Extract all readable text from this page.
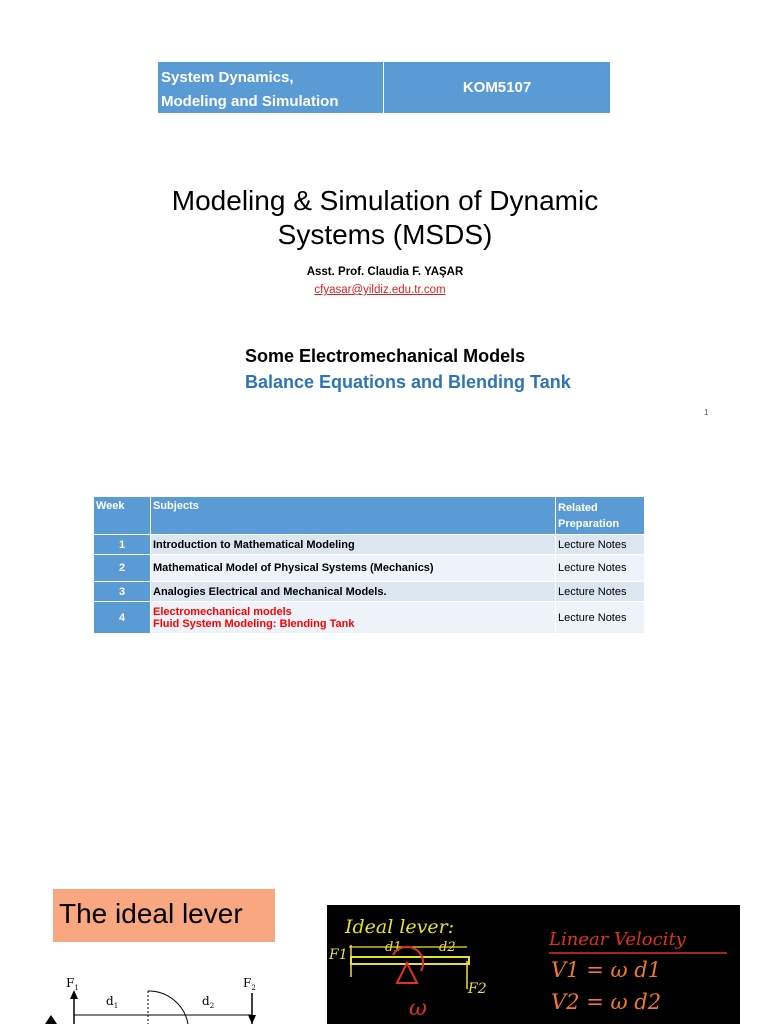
System Dynamics,
Modeling and Simulation
KOM5107
Modeling & Simulation of Dynamic
Systems (MSDS)
Asst. Prof. Claudia F. YAŞAR
cfyasar@yildiz.edu.tr.com
Some Electromechanical Models
Balance Equations and Blending Tank
1
Week	Subjects	Related Preparation
1	Introduction to Mathematical Modeling	Lecture Notes
2	Mathematical Model of Physical Systems (Mechanics)	Lecture Notes
3	Analogies Electrical and Mechanical Models.	Lecture Notes
4	Electromechanical models
Fluid System Modeling: Blending Tank	Lecture Notes
The ideal lever
$F_1$	$F_2$
$d_1$	$d_2$
Ideal lever:
F1	d1	d2
F2
ω
Linear Velocity
V1 = ω d1
V2 = ω d2
